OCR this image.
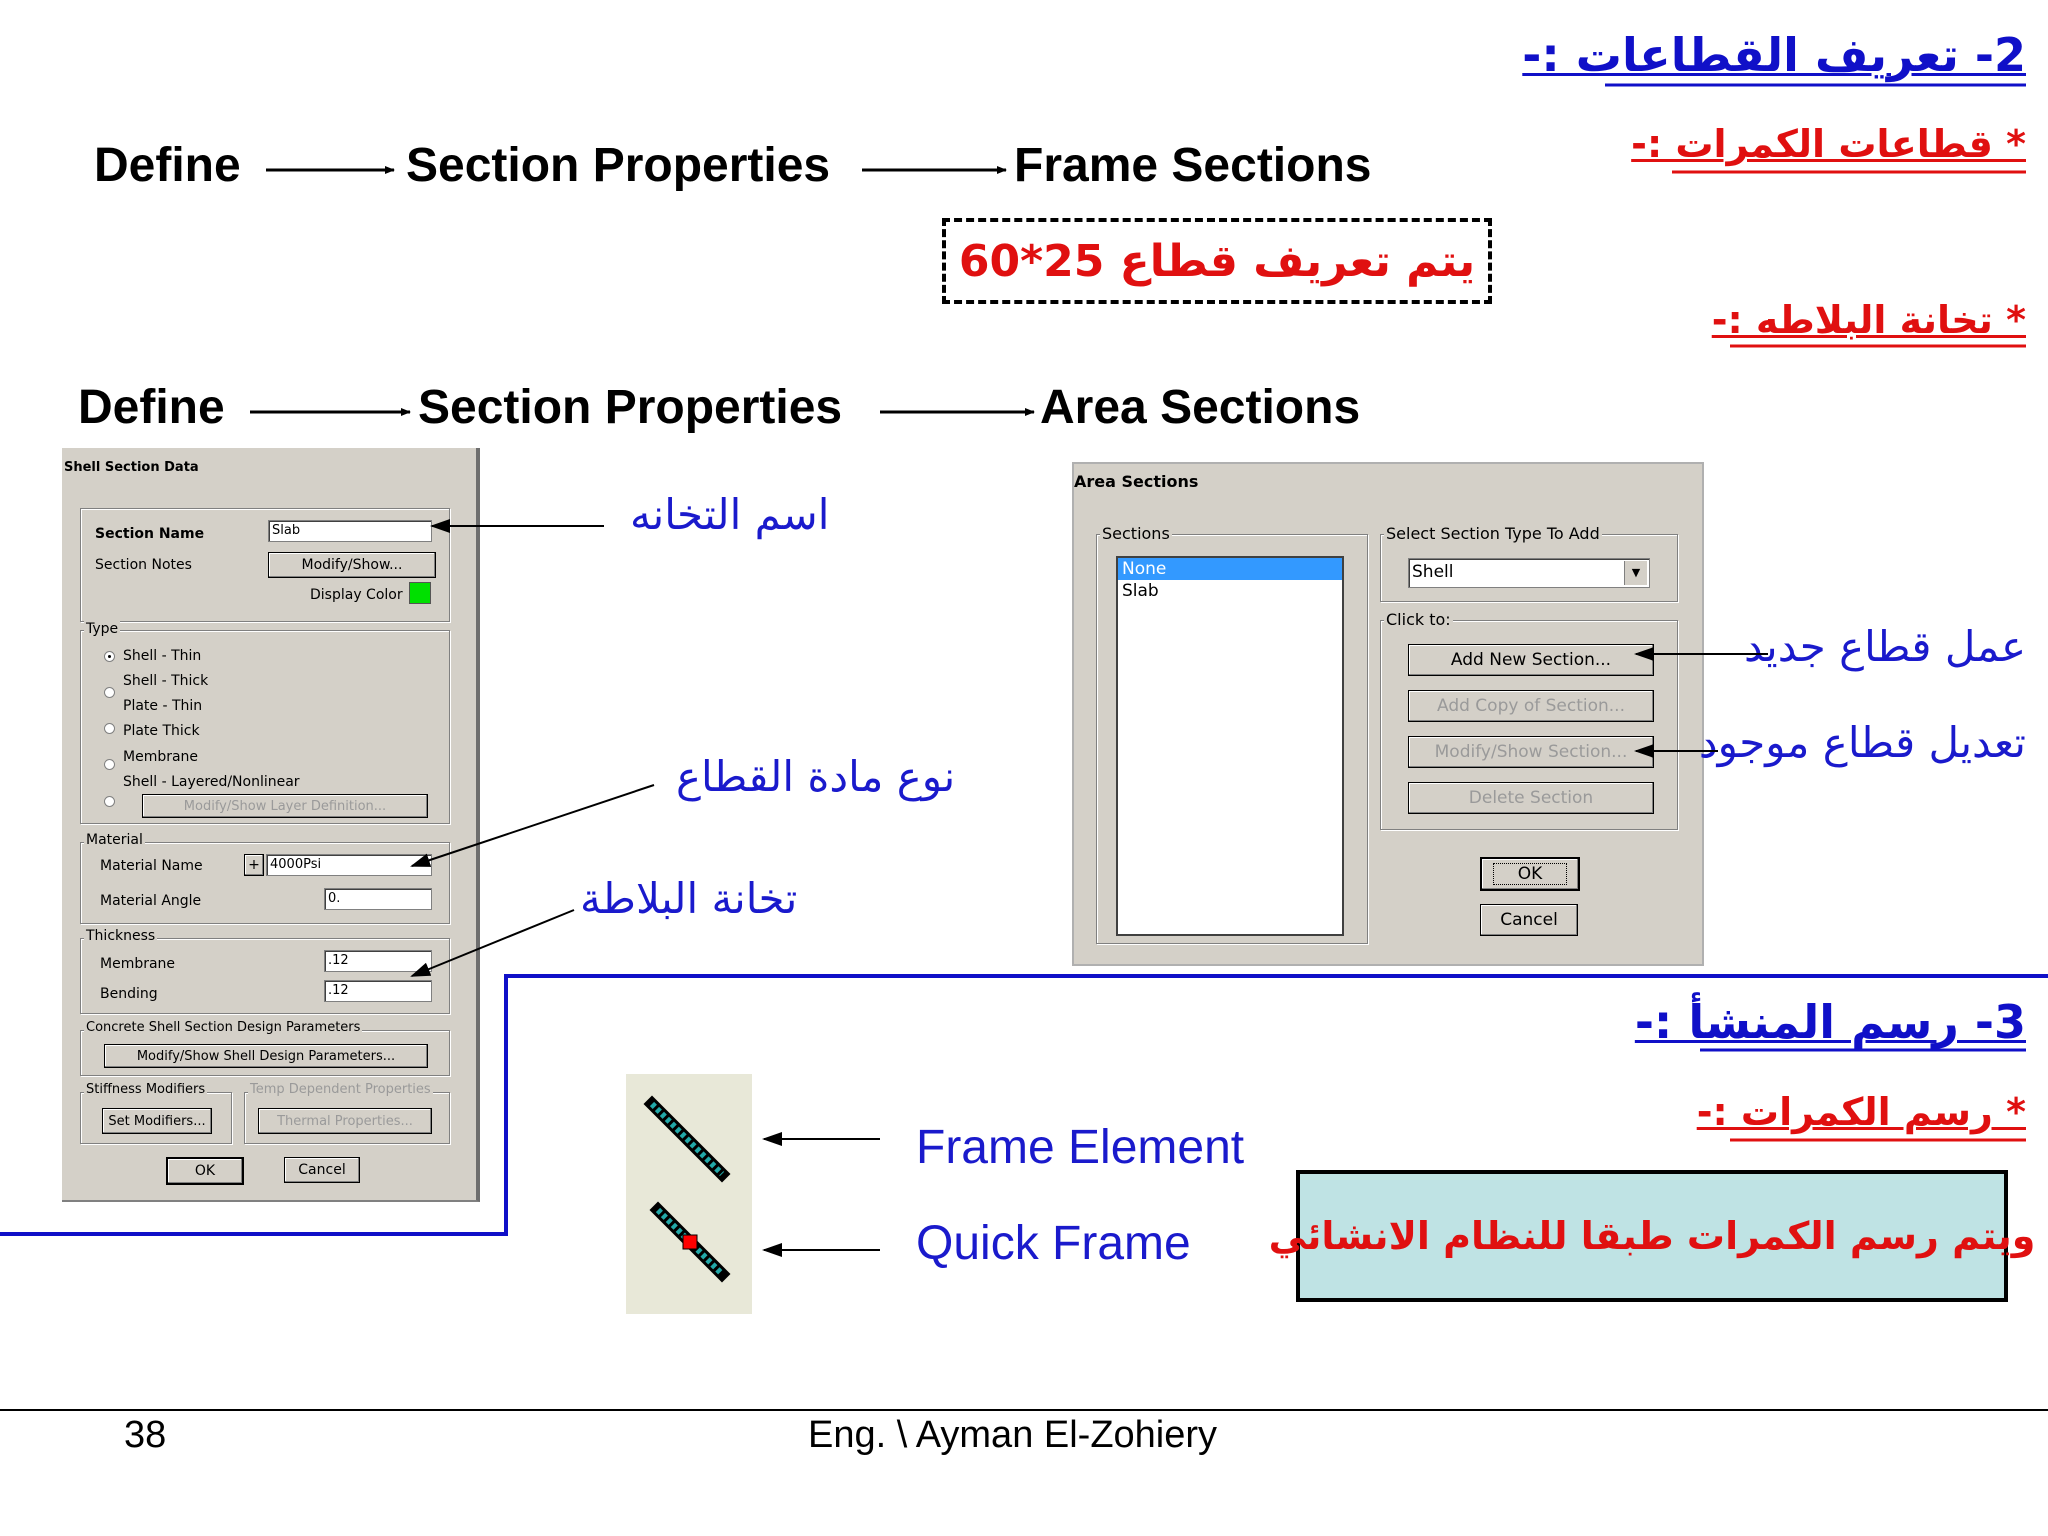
2- تعريف القطاعات :-
* قطاعات الكمرات :-
* تخانة البلاطه :-
3- رسم المنشأ :-
* رسم الكمرات :-
Define	Section Properties	Frame Sections
يتم تعريف قطاع 25*60
Define	Section Properties	Area Sections
Shell Section Data
Section Name	Slab
Section Notes	Modify/Show...
Display Color
Type
Shell - Thin
Shell - Thick
Plate - Thin
Plate Thick
Membrane
Shell - Layered/Nonlinear
Modify/Show Layer Definition...
Material
Material Name	+ 4000Psi
Material Angle	0.
Thickness
Membrane	.12
Bending	.12
Concrete Shell Section Design Parameters
Modify/Show Shell Design Parameters...
Stiffness Modifiers
Set Modifiers...
Temp Dependent Properties
Thermal Properties...
OK	Cancel
Area Sections
Sections
None
Slab
Select Section Type To Add
Shell	▼
Click to:
Add New Section...
Add Copy of Section...
Modify/Show Section...
Delete Section
OK
Cancel
اسم التخانه
نوع مادة القطاع
تخانة البلاطة
عمل قطاع جديد
تعديل قطاع موجود
Frame Element
Quick Frame ويتم رسم الكمرات طبقا للنظام الانشائي
38	Eng. \ Ayman El-Zohiery
